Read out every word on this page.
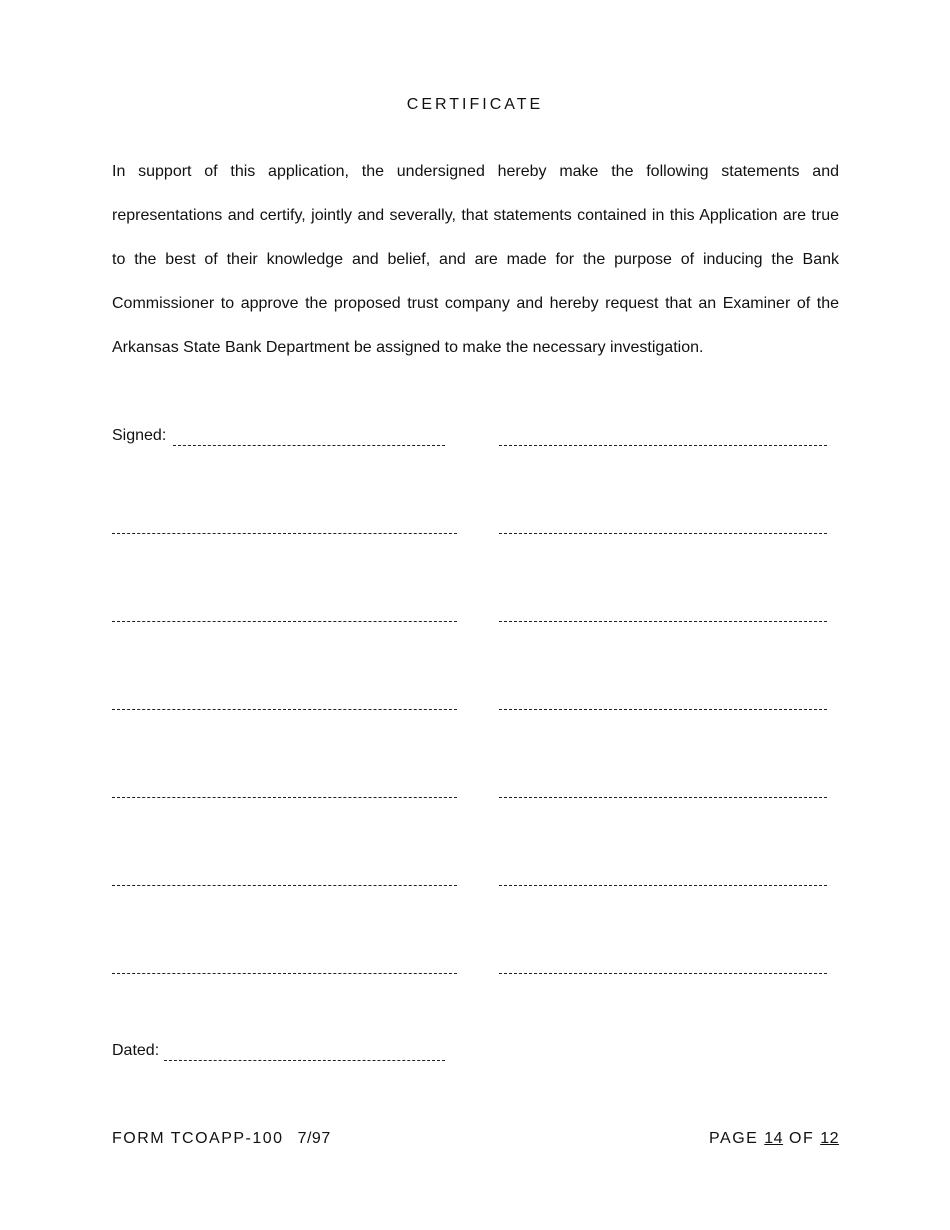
CERTIFICATE

In support of this application, the undersigned hereby make the following statements and representations and certify, jointly and severally, that statements contained in this Application are true to the best of their knowledge and belief, and are made for the purpose of inducing the Bank Commissioner to approve the proposed trust company and hereby request that an Examiner of the Arkansas State Bank Department be assigned to make the necessary investigation.

Signed:
Dated:
FORM TCOAPP-100 7/97	PAGE 14 OF 12
